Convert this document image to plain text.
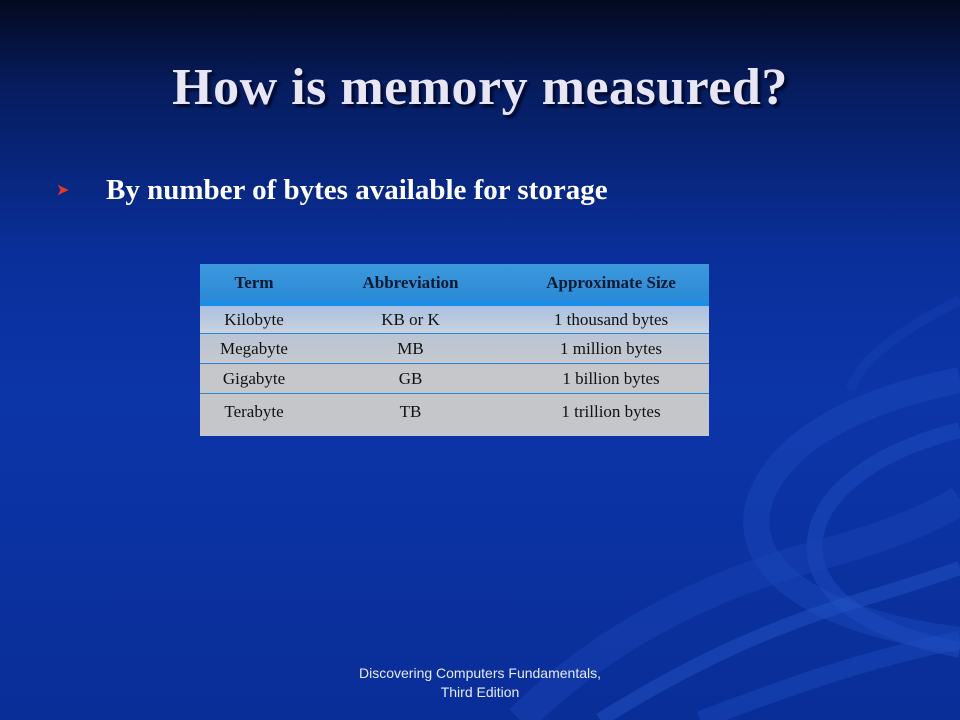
How is memory measured?
➤	By number of bytes available for storage
Term	Abbreviation	Approximate Size
Kilobyte	KB or K	1 thousand bytes
Megabyte	MB	1 million bytes
Gigabyte	GB	1 billion bytes
Terabyte	TB	1 trillion bytes
Discovering Computers Fundamentals,
Third Edition
